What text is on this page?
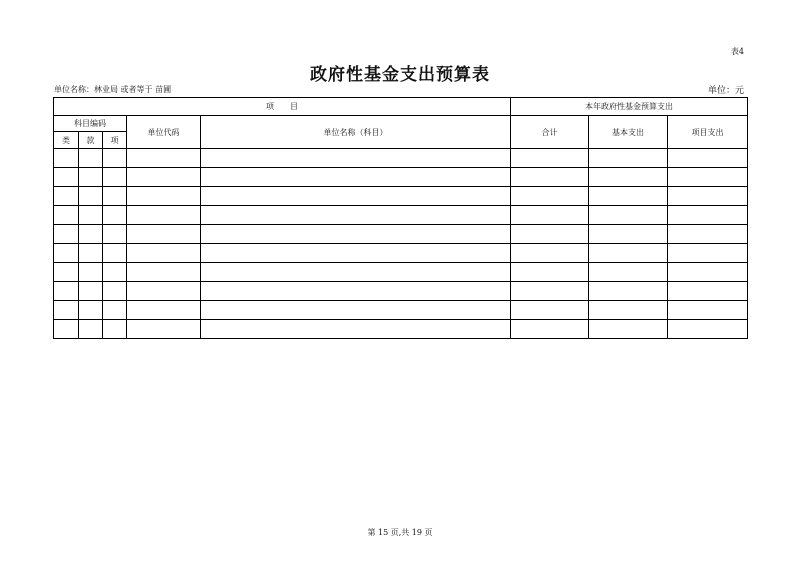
表4
政府性基金支出预算表
单位名称：林业局 或者等于 苗圃	单位：元
项　　目					本年政府性基金预算支出		
科目编码			单位代码	单位名称（科目）	合计	基本支出	项目支出
类	款	项					

第 15 页,共 19 页
